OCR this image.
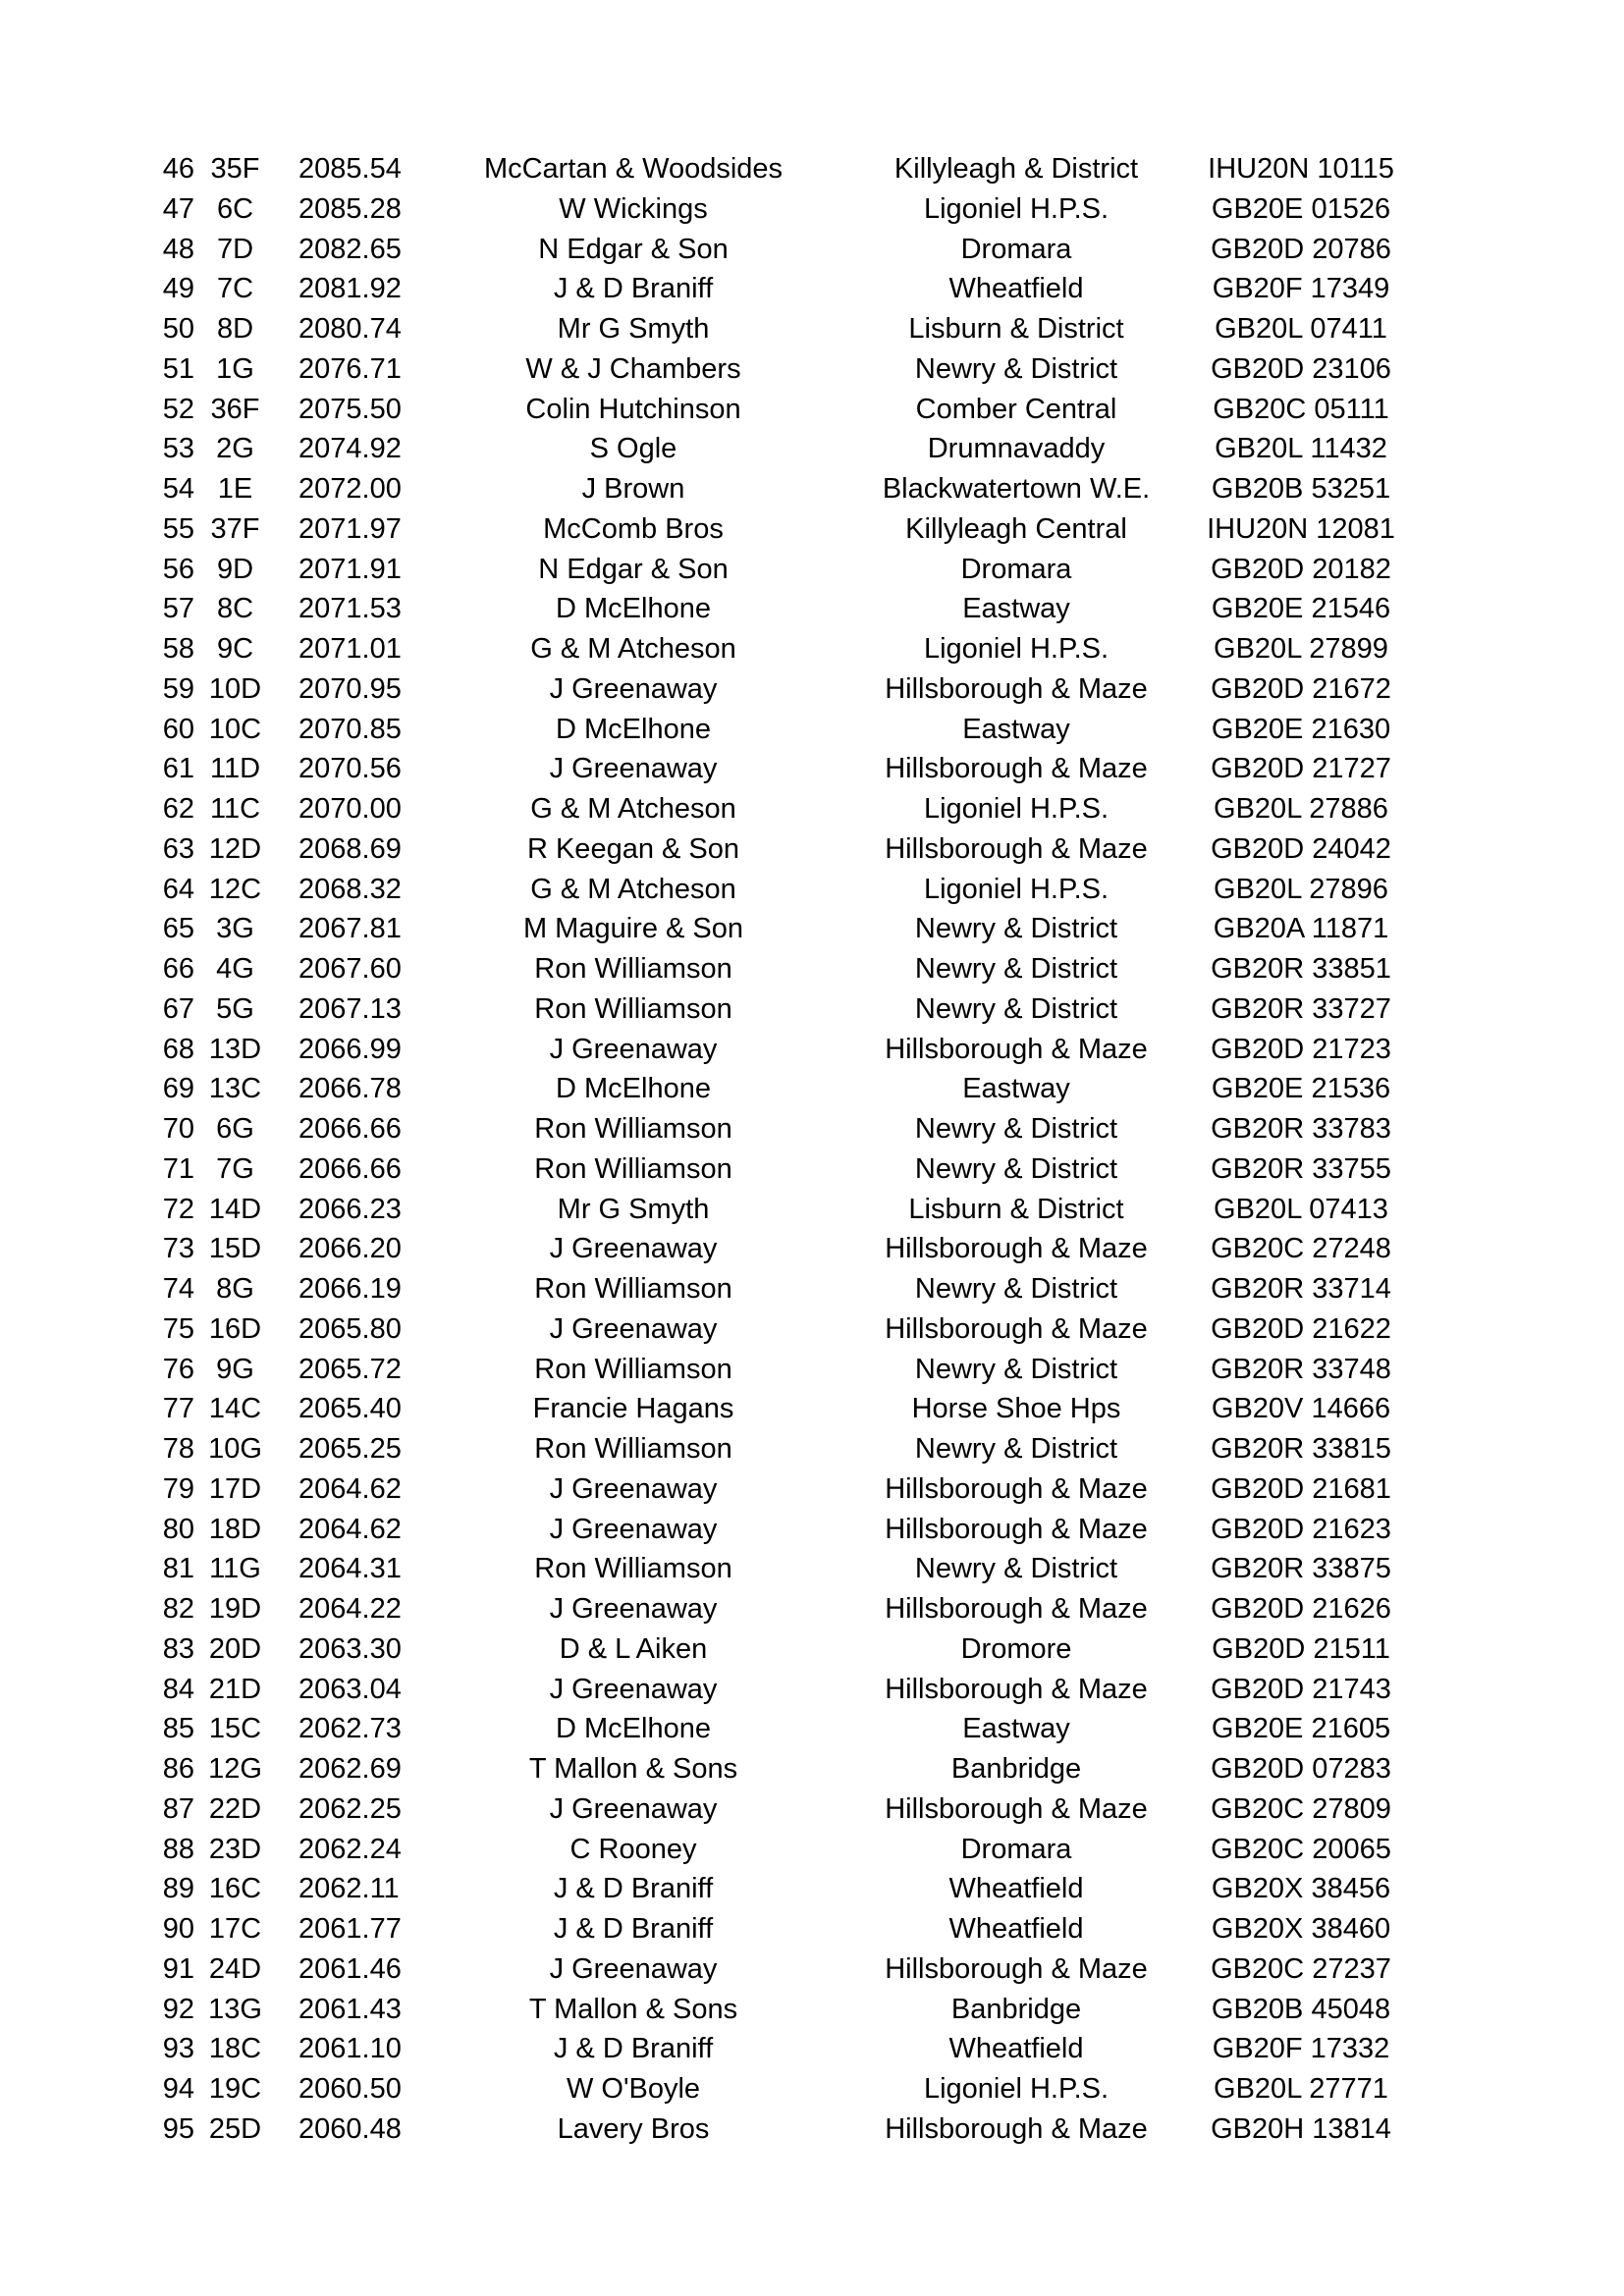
46 35F 2085.54	McCartan & Woodsides	Killyleagh & District	IHU20N 10115
47 6C	2085.28	W Wickings	Ligoniel H.P.S.	GB20E 01526
48 7D	2082.65	N Edgar & Son	Dromara	GB20D 20786
49 7C	2081.92	J & D Braniff	Wheatfield	GB20F 17349
50 8D	2080.74	Mr G Smyth	Lisburn & District	GB20L 07411
51 1G 2076.71	W & J Chambers	Newry & District	GB20D 23106
52 36F 2075.50	Colin Hutchinson	Comber Central	GB20C 05111
53 2G 2074.92	S Ogle	Drumnavaddy	GB20L 11432
54 1E	2072.00	J Brown	Blackwatertown W.E.	GB20B 53251
55 37F 2071.97	McComb Bros	Killyleagh Central	IHU20N 12081
56 9D	2071.91	N Edgar & Son	Dromara	GB20D 20182
57 8C	2071.53	D McElhone	Eastway	GB20E 21546
58 9C	2071.01	G & M Atcheson	Ligoniel H.P.S.	GB20L 27899
59 10D 2070.95	J Greenaway	Hillsborough & Maze	GB20D 21672
60 10C 2070.85	D McElhone	Eastway	GB20E 21630
61 11D 2070.56	J Greenaway	Hillsborough & Maze	GB20D 21727
62 11C 2070.00	G & M Atcheson	Ligoniel H.P.S.	GB20L 27886
63 12D 2068.69	R Keegan & Son	Hillsborough & Maze	GB20D 24042
64 12C 2068.32	G & M Atcheson	Ligoniel H.P.S.	GB20L 27896
65 3G 2067.81	M Maguire & Son	Newry & District	GB20A 11871
66 4G 2067.60	Ron Williamson	Newry & District	GB20R 33851
67 5G 2067.13	Ron Williamson	Newry & District	GB20R 33727
68 13D 2066.99	J Greenaway	Hillsborough & Maze	GB20D 21723
69 13C 2066.78	D McElhone	Eastway	GB20E 21536
70 6G 2066.66	Ron Williamson	Newry & District	GB20R 33783
71 7G 2066.66	Ron Williamson	Newry & District	GB20R 33755
72 14D 2066.23	Mr G Smyth	Lisburn & District	GB20L 07413
73 15D 2066.20	J Greenaway	Hillsborough & Maze	GB20C 27248
74 8G 2066.19	Ron Williamson	Newry & District	GB20R 33714
75 16D 2065.80	J Greenaway	Hillsborough & Maze	GB20D 21622
76 9G 2065.72	Ron Williamson	Newry & District	GB20R 33748
77 14C 2065.40	Francie Hagans	Horse Shoe Hps	GB20V 14666
78 10G 2065.25	Ron Williamson	Newry & District	GB20R 33815
79 17D 2064.62	J Greenaway	Hillsborough & Maze	GB20D 21681
80 18D 2064.62	J Greenaway	Hillsborough & Maze	GB20D 21623
81 11G 2064.31	Ron Williamson	Newry & District	GB20R 33875
82 19D 2064.22	J Greenaway	Hillsborough & Maze	GB20D 21626
83 20D 2063.30	D & L Aiken	Dromore	GB20D 21511
84 21D 2063.04	J Greenaway	Hillsborough & Maze	GB20D 21743
85 15C 2062.73	D McElhone	Eastway	GB20E 21605
86 12G 2062.69	T Mallon & Sons	Banbridge	GB20D 07283
87 22D 2062.25	J Greenaway	Hillsborough & Maze	GB20C 27809
88 23D 2062.24	C Rooney	Dromara	GB20C 20065
89 16C 2062.11	J & D Braniff	Wheatfield	GB20X 38456
90 17C 2061.77	J & D Braniff	Wheatfield	GB20X 38460
91 24D 2061.46	J Greenaway	Hillsborough & Maze	GB20C 27237
92 13G 2061.43	T Mallon & Sons	Banbridge	GB20B 45048
93 18C 2061.10	J & D Braniff	Wheatfield	GB20F 17332
94 19C 2060.50	W O'Boyle	Ligoniel H.P.S.	GB20L 27771
95 25D 2060.48	Lavery Bros	Hillsborough & Maze	GB20H 13814
